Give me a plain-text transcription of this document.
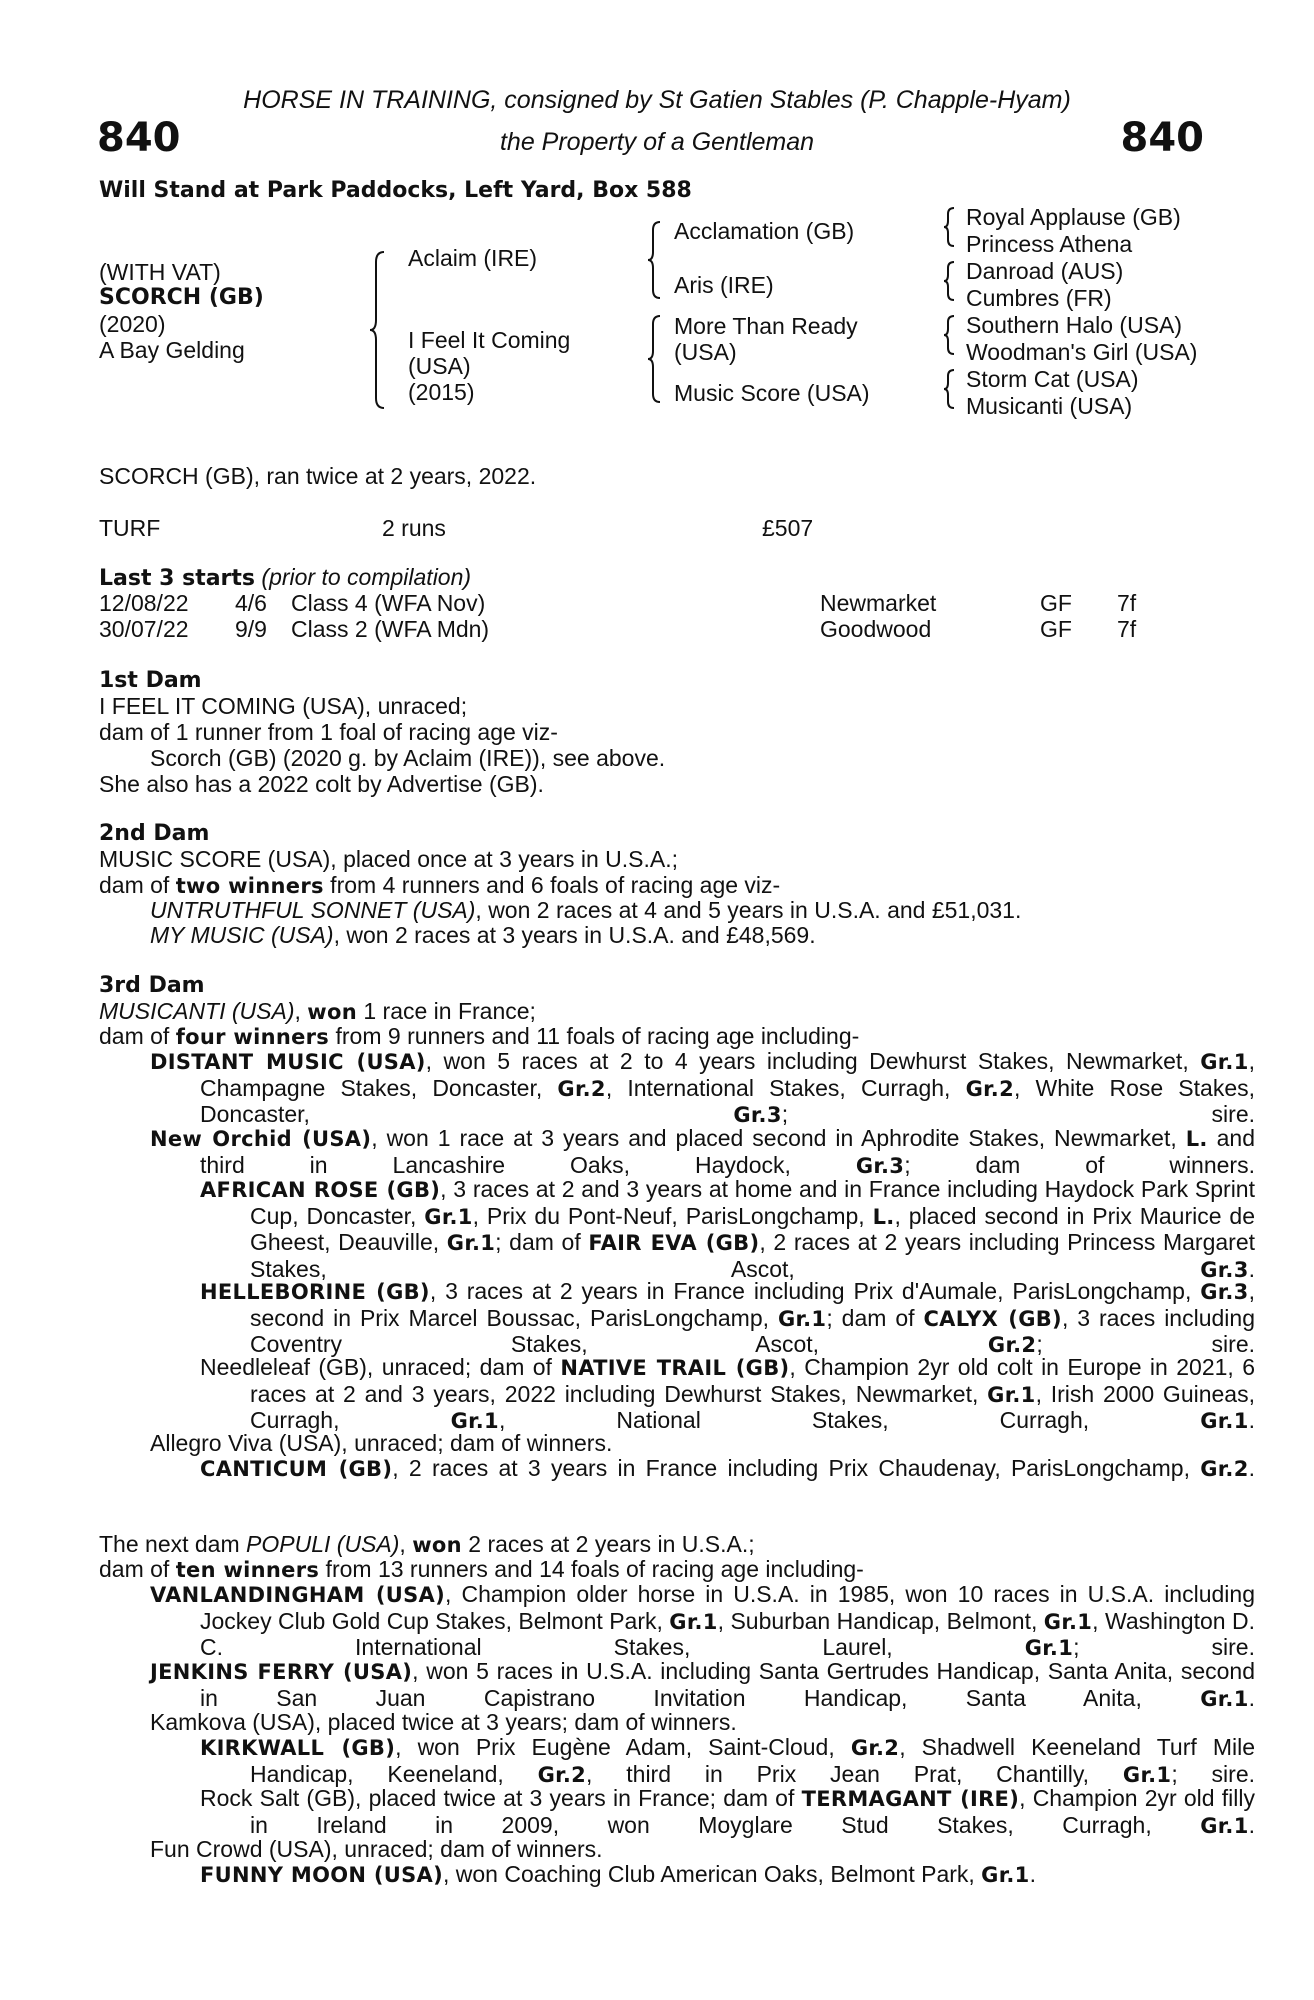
HORSE IN TRAINING, consigned by St Gatien Stables (P. Chapple-Hyam)
840	the Property of a Gentleman	840
Will Stand at Park Paddocks, Left Yard, Box 588
(WITH VAT)
SCORCH (GB)
(2020)
A Bay Gelding
Aclaim (IRE)
I Feel It Coming
(USA)
(2015)
Acclamation (GB)
Aris (IRE)
More Than Ready
(USA)
Music Score (USA)
Royal Applause (GB)
Princess Athena
Danroad (AUS)
Cumbres (FR)
Southern Halo (USA)
Woodman's Girl (USA)
Storm Cat (USA)
Musicanti (USA)
SCORCH (GB), ran twice at 2 years, 2022.
TURF	2 runs	£507
Last 3 starts (prior to compilation)
12/08/22 4/6 Class 4 (WFA Nov)	Newmarket	GF 7f
30/07/22 9/9 Class 2 (WFA Mdn)	Goodwood	GF 7f
1st Dam
I FEEL IT COMING (USA), unraced;
dam of 1 runner from 1 foal of racing age viz-
Scorch (GB) (2020 g. by Aclaim (IRE)), see above.
She also has a 2022 colt by Advertise (GB).
2nd Dam
MUSIC SCORE (USA), placed once at 3 years in U.S.A.;
dam of two winners from 4 runners and 6 foals of racing age viz-
UNTRUTHFUL SONNET (USA), won 2 races at 4 and 5 years in U.S.A. and £51,031.
MY MUSIC (USA), won 2 races at 3 years in U.S.A. and £48,569.
3rd Dam
MUSICANTI (USA), won 1 race in France;
dam of four winners from 9 runners and 11 foals of racing age including-
DISTANT MUSIC (USA), won 5 races at 2 to 4 years including Dewhurst Stakes, Newmarket, Gr.1, Champagne Stakes, Doncaster, Gr.2, International Stakes, Curragh, Gr.2, White Rose Stakes, Doncaster, Gr.3; sire.
New Orchid (USA), won 1 race at 3 years and placed second in Aphrodite Stakes, Newmarket, L. and third in Lancashire Oaks, Haydock, Gr.3; dam of winners.
AFRICAN ROSE (GB), 3 races at 2 and 3 years at home and in France including Haydock Park Sprint Cup, Doncaster, Gr.1, Prix du Pont-Neuf, ParisLongchamp, L., placed second in Prix Maurice de Gheest, Deauville, Gr.1; dam of FAIR EVA (GB), 2 races at 2 years including Princess Margaret Stakes, Ascot, Gr.3.
HELLEBORINE (GB), 3 races at 2 years in France including Prix d'Aumale, ParisLongchamp, Gr.3, second in Prix Marcel Boussac, ParisLongchamp, Gr.1; dam of CALYX (GB), 3 races including Coventry Stakes, Ascot, Gr.2; sire.
Needleleaf (GB), unraced; dam of NATIVE TRAIL (GB), Champion 2yr old colt in Europe in 2021, 6 races at 2 and 3 years, 2022 including Dewhurst Stakes, Newmarket, Gr.1, Irish 2000 Guineas, Curragh, Gr.1, National Stakes, Curragh, Gr.1.
Allegro Viva (USA), unraced; dam of winners.
CANTICUM (GB), 2 races at 3 years in France including Prix Chaudenay, ParisLongchamp, Gr.2.
The next dam POPULI (USA), won 2 races at 2 years in U.S.A.;
dam of ten winners from 13 runners and 14 foals of racing age including-
VANLANDINGHAM (USA), Champion older horse in U.S.A. in 1985, won 10 races in U.S.A. including Jockey Club Gold Cup Stakes, Belmont Park, Gr.1, Suburban Handicap, Belmont, Gr.1, Washington D. C. International Stakes, Laurel, Gr.1; sire.
JENKINS FERRY (USA), won 5 races in U.S.A. including Santa Gertrudes Handicap, Santa Anita, second in San Juan Capistrano Invitation Handicap, Santa Anita, Gr.1.
Kamkova (USA), placed twice at 3 years; dam of winners.
KIRKWALL (GB), won Prix Eugène Adam, Saint-Cloud, Gr.2, Shadwell Keeneland Turf Mile Handicap, Keeneland, Gr.2, third in Prix Jean Prat, Chantilly, Gr.1; sire.
Rock Salt (GB), placed twice at 3 years in France; dam of TERMAGANT (IRE), Champion 2yr old filly in Ireland in 2009, won Moyglare Stud Stakes, Curragh, Gr.1.
Fun Crowd (USA), unraced; dam of winners.
FUNNY MOON (USA), won Coaching Club American Oaks, Belmont Park, Gr.1.
